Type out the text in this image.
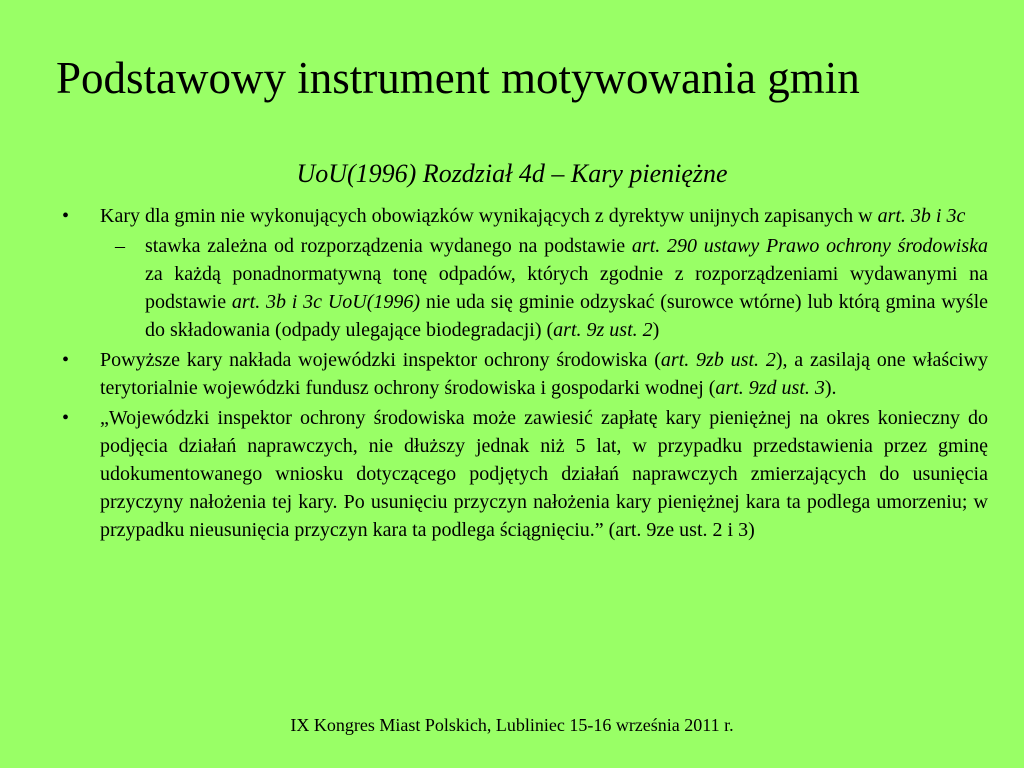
Podstawowy instrument motywowania gmin

UoU(1996) Rozdział 4d – Kary pieniężne

• Kary dla gmin nie wykonujących obowiązków wynikających z dyrektyw unijnych zapisanych w art. 3b i 3c
– stawka zależna od rozporządzenia wydanego na podstawie art. 290 ustawy Prawo ochrony środowiska za każdą ponadnormatywną tonę odpadów, których zgodnie z rozporządzeniami wydawanymi na podstawie art. 3b i 3c UoU(1996) nie uda się gminie odzyskać (surowce wtórne) lub którą gmina wyśle do składowania (odpady ulegające biodegradacji) (art. 9z ust. 2)
• Powyższe kary nakłada wojewódzki inspektor ochrony środowiska (art. 9zb ust. 2), a zasilają one właściwy terytorialnie wojewódzki fundusz ochrony środowiska i gospodarki wodnej (art. 9zd ust. 3).
• „Wojewódzki inspektor ochrony środowiska może zawiesić zapłatę kary pieniężnej na okres konieczny do podjęcia działań naprawczych, nie dłuższy jednak niż 5 lat, w przypadku przedstawienia przez gminę udokumentowanego wniosku dotyczącego podjętych działań naprawczych zmierzających do usunięcia przyczyny nałożenia tej kary. Po usunięciu przyczyn nałożenia kary pieniężnej kara ta podlega umorzeniu; w przypadku nieusunięcia przyczyn kara ta podlega ściągnięciu.” (art. 9ze ust. 2 i 3)
IX Kongres Miast Polskich, Lubliniec 15-16 września 2011 r.
